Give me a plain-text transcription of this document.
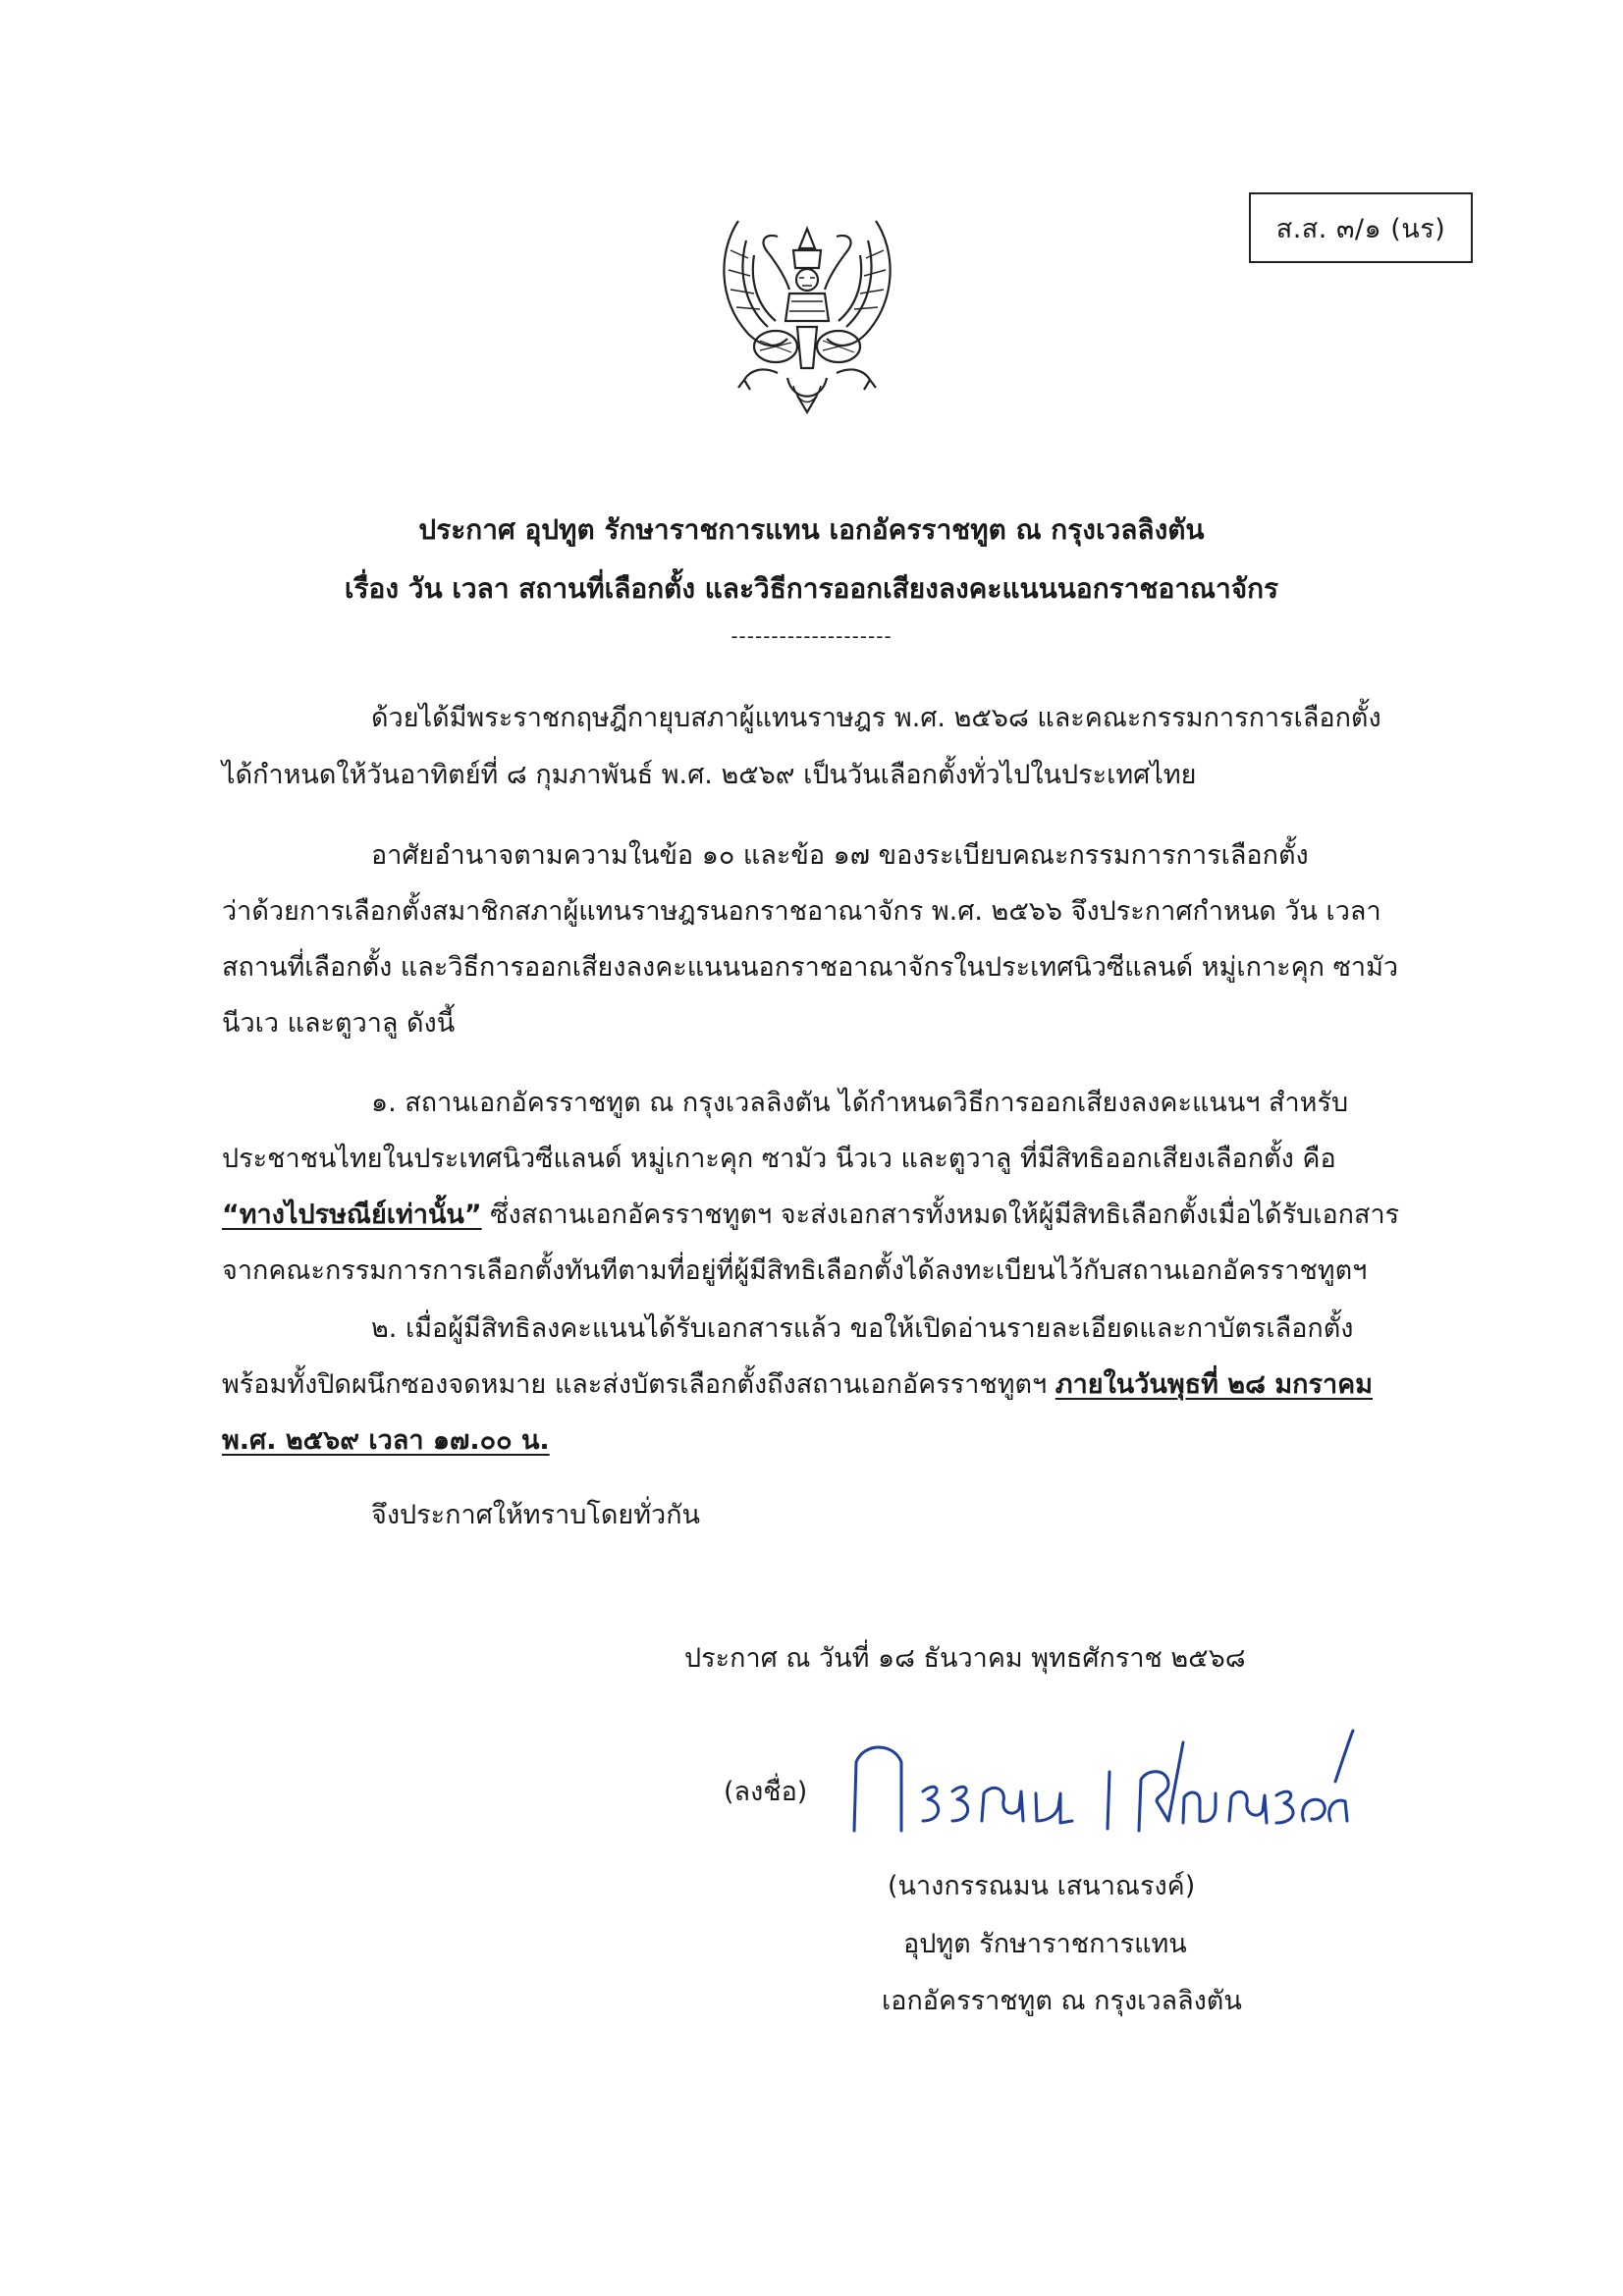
ส.ส. ๓/๑ (นร)
ประกาศ อุปทูต รักษาราชการแทน เอกอัครราชทูต ณ กรุงเวลลิงตัน
เรื่อง วัน เวลา สถานที่เลือกตั้ง และวิธีการออกเสียงลงคะแนนนอกราชอาณาจักร
--------------------
ด้วยได้มีพระราชกฤษฎีกายุบสภาผู้แทนราษฎร พ.ศ. ๒๕๖๘ และคณะกรรมการการเลือกตั้ง
ได้กำหนดให้วันอาทิตย์ที่ ๘ กุมภาพันธ์ พ.ศ. ๒๕๖๙ เป็นวันเลือกตั้งทั่วไปในประเทศไทย
อาศัยอำนาจตามความในข้อ ๑๐ และข้อ ๑๗ ของระเบียบคณะกรรมการการเลือกตั้ง
ว่าด้วยการเลือกตั้งสมาชิกสภาผู้แทนราษฎรนอกราชอาณาจักร พ.ศ. ๒๕๖๖ จึงประกาศกำหนด วัน เวลา
สถานที่เลือกตั้ง และวิธีการออกเสียงลงคะแนนนอกราชอาณาจักรในประเทศนิวซีแลนด์ หมู่เกาะคุก ซามัว
นีวเว และตูวาลู ดังนี้
๑. สถานเอกอัครราชทูต ณ กรุงเวลลิงตัน ได้กำหนดวิธีการออกเสียงลงคะแนนฯ สำหรับ
ประชาชนไทยในประเทศนิวซีแลนด์ หมู่เกาะคุก ซามัว นีวเว และตูวาลู ที่มีสิทธิออกเสียงเลือกตั้ง คือ
“ทางไปรษณีย์เท่านั้น” ซึ่งสถานเอกอัครราชทูตฯ จะส่งเอกสารทั้งหมดให้ผู้มีสิทธิเลือกตั้งเมื่อได้รับเอกสาร
จากคณะกรรมการการเลือกตั้งทันทีตามที่อยู่ที่ผู้มีสิทธิเลือกตั้งได้ลงทะเบียนไว้กับสถานเอกอัครราชทูตฯ
๒. เมื่อผู้มีสิทธิลงคะแนนได้รับเอกสารแล้ว ขอให้เปิดอ่านรายละเอียดและกาบัตรเลือกตั้ง
พร้อมทั้งปิดผนึกซองจดหมาย และส่งบัตรเลือกตั้งถึงสถานเอกอัครราชทูตฯ ภายในวันพุธที่ ๒๘ มกราคม
พ.ศ. ๒๕๖๙ เวลา ๑๗.๐๐ น.
จึงประกาศให้ทราบโดยทั่วกัน
ประกาศ ณ วันที่ ๑๘ ธันวาคม พุทธศักราช ๒๕๖๘
(ลงชื่อ)
(นางกรรณมน เสนาณรงค์)
อุปทูต รักษาราชการแทน
เอกอัครราชทูต ณ กรุงเวลลิงตัน
